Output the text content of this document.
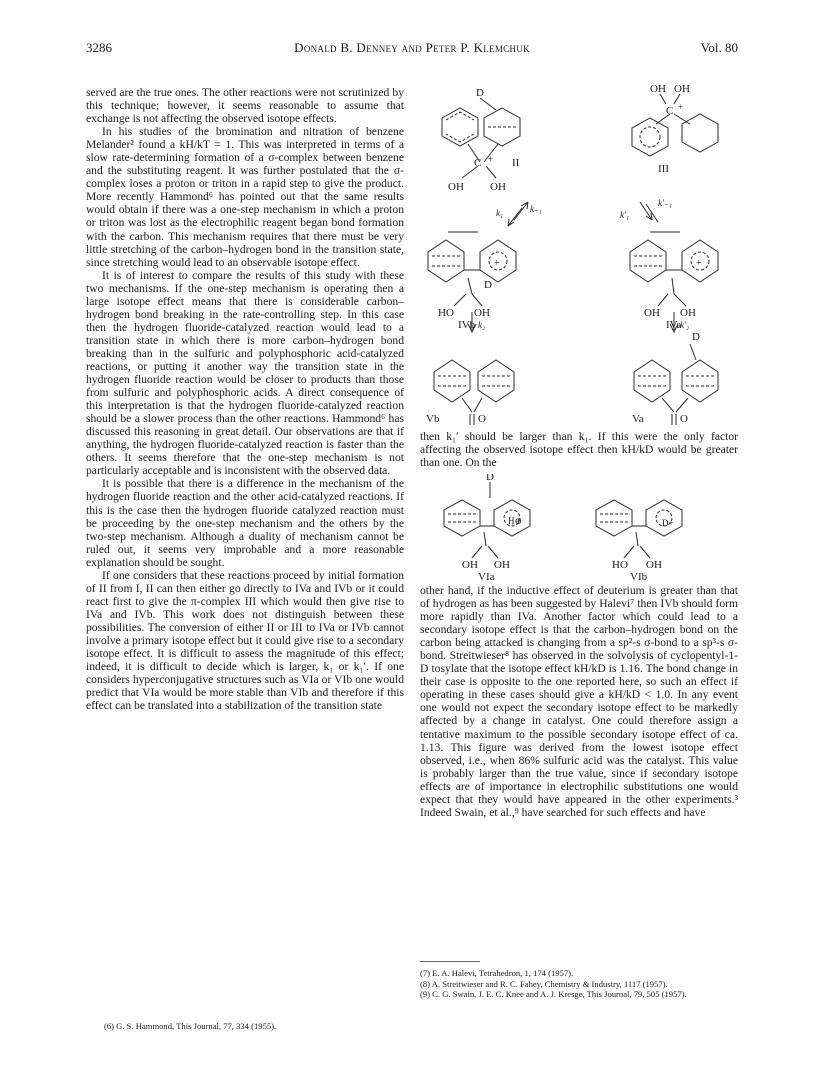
3286	Donald B. Denney and Peter P. Klemchuk	Vol. 80

served are the true ones. The other reactions were not scrutinized by this technique; however, it seems reasonable to assume that exchange is not affecting the observed isotope effects.

In his studies of the bromination and nitration of benzene Melander² found a kH/kT = 1. This was interpreted in terms of a slow rate-determining formation of a σ-complex between benzene and the substituting reagent. It was further postulated that the σ-complex loses a proton or triton in a rapid step to give the product. More recently Hammond⁶ has pointed out that the same results would obtain if there was a one-step mechanism in which a proton or triton was lost as the electrophilic reagent began bond formation with the carbon. This mechanism requires that there must be very little stretching of the carbon–hydrogen bond in the transition state, since stretching would lead to an observable isotope effect.

It is of interest to compare the results of this study with these two mechanisms. If the one-step mechanism is operating then a large isotope effect means that there is considerable carbon–hydrogen bond breaking in the rate-controlling step. In this case then the hydrogen fluoride-catalyzed reaction would lead to a transition state in which there is more carbon–hydrogen bond breaking than in the sulfuric and polyphosphoric acid-catalyzed reactions, or putting it another way the transition state in the hydrogen fluoride reaction would be closer to products than those from sulfuric and polyphosphoric acids. A direct consequence of this interpretation is that the hydrogen fluoride-catalyzed reaction should be a slower process than the other reactions. Hammond⁶ has discussed this reasoning in great detail. Our observations are that if anything, the hydrogen fluoride-catalyzed reaction is faster than the others. It seems therefore that the one-step mechanism is not particularly acceptable and is inconsistent with the observed data.

It is possible that there is a difference in the mechanism of the hydrogen fluoride reaction and the other acid-catalyzed reactions. If this is the case then the hydrogen fluoride catalyzed reaction must be proceeding by the one-step mechanism and the others by the two-step mechanism. Although a duality of mechanism cannot be ruled out, it seems very improbable and a more reasonable explanation should be sought.

If one considers that these reactions proceed by initial formation of II from I, II can then either go directly to IVa and IVb or it could react first to give the π-complex III which would then give rise to IVa and IVb. This work does not distinguish between these possibilities. The conversion of either II or III to IVa or IVb cannot involve a primary isotope effect but it could give rise to a secondary isotope effect. It is difficult to assess the magnitude of this effect; indeed, it is difficult to decide which is larger, k₁ or k₁′. If one considers hyperconjugative structures such as VIa or VIb one would predict that VIa would be more stable than VIb and therefore if this effect can be translated into a stabilization of the transition state

(6) G. S. Hammond, This Journal, 77, 334 (1955).
D
C +
OH OH
II
OH OH
C +
III
k₁	k₋₁
k′₁
k′₋₁
+
D
HO OH
IVb
+
OH OH
IVa
k₂	k′₂
D
Vb	O	Va	O

then k₁′ should be larger than k₁. If this were the only factor affecting the observed isotope effect then kH/kD would be greater than one. On the

D
H⊕
OH OH
VIa
D+
HO OH
VIb

other hand, if the inductive effect of deuterium is greater than that of hydrogen as has been suggested by Halevi⁷ then IVb should form more rapidly than IVa. Another factor which could lead to a secondary isotope effect is that the carbon–hydrogen bond on the carbon being attacked is changing from a sp²-s σ-bond to a sp³-s σ-bond. Streitwieser⁸ has observed in the solvolysis of cyclopentyl-1-D tosylate that the isotope effect kH/kD is 1.16. The bond change in their case is opposite to the one reported here, so such an effect if operating in these cases should give a kH/kD < 1.0. In any event one would not expect the secondary isotope effect to be markedly affected by a change in catalyst. One could therefore assign a tentative maximum to the possible secondary isotope effect of ca. 1.13. This figure was derived from the lowest isotope effect observed, i.e., when 86% sulfuric acid was the catalyst. This value is probably larger than the true value, since if secondary isotope effects are of importance in electrophilic substitutions one would expect that they would have appeared in the other experiments.³ Indeed Swain, et al.,⁹ have searched for such effects and have

(7) E. A. Halevi, Tetrahedron, 1, 174 (1957).
(8) A. Streitwieser and R. C. Fahey, Chemistry & Industry, 1117 (1957).
(9) C. G. Swain, J. E. C. Knee and A. J. Kresge, This Journal, 79, 505 (1957).
